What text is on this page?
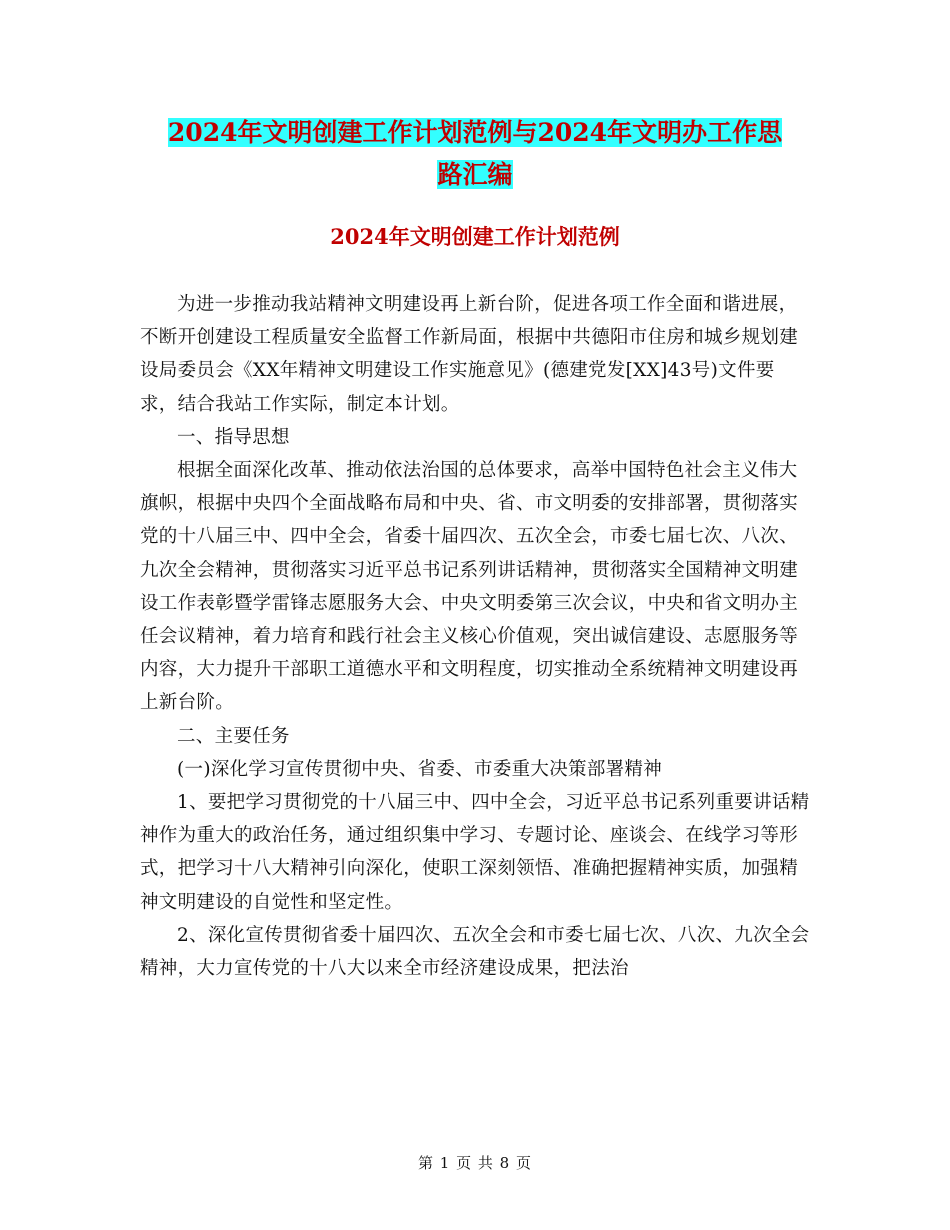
2024年文明创建工作计划范例与2024年文明办工作思
路汇编
2024年文明创建工作计划范例

为进一步推动我站精神文明建设再上新台阶，促进各项工作全面和谐进展，不断开创建设工程质量安全监督工作新局面，根据中共德阳市住房和城乡规划建设局委员会《XX年精神文明建设工作实施意见》(德建党发[XX]43号)文件要求，结合我站工作实际，制定本计划。

一、指导思想

根据全面深化改革、推动依法治国的总体要求，高举中国特色社会主义伟大旗帜，根据中央四个全面战略布局和中央、省、市文明委的安排部署，贯彻落实党的十八届三中、四中全会，省委十届四次、五次全会，市委七届七次、八次、九次全会精神，贯彻落实习近平总书记系列讲话精神，贯彻落实全国精神文明建设工作表彰暨学雷锋志愿服务大会、中央文明委第三次会议，中央和省文明办主任会议精神，着力培育和践行社会主义核心价值观，突出诚信建设、志愿服务等内容，大力提升干部职工道德水平和文明程度，切实推动全系统精神文明建设再上新台阶。

二、主要任务

(一)深化学习宣传贯彻中央、省委、市委重大决策部署精神

1、要把学习贯彻党的十八届三中、四中全会，习近平总书记系列重要讲话精神作为重大的政治任务，通过组织集中学习、专题讨论、座谈会、在线学习等形式，把学习十八大精神引向深化，使职工深刻领悟、准确把握精神实质，加强精神文明建设的自觉性和坚定性。

2、深化宣传贯彻省委十届四次、五次全会和市委七届七次、八次、九次全会精神，大力宣传党的十八大以来全市经济建设成果，把法治

第 1 页 共 8 页
